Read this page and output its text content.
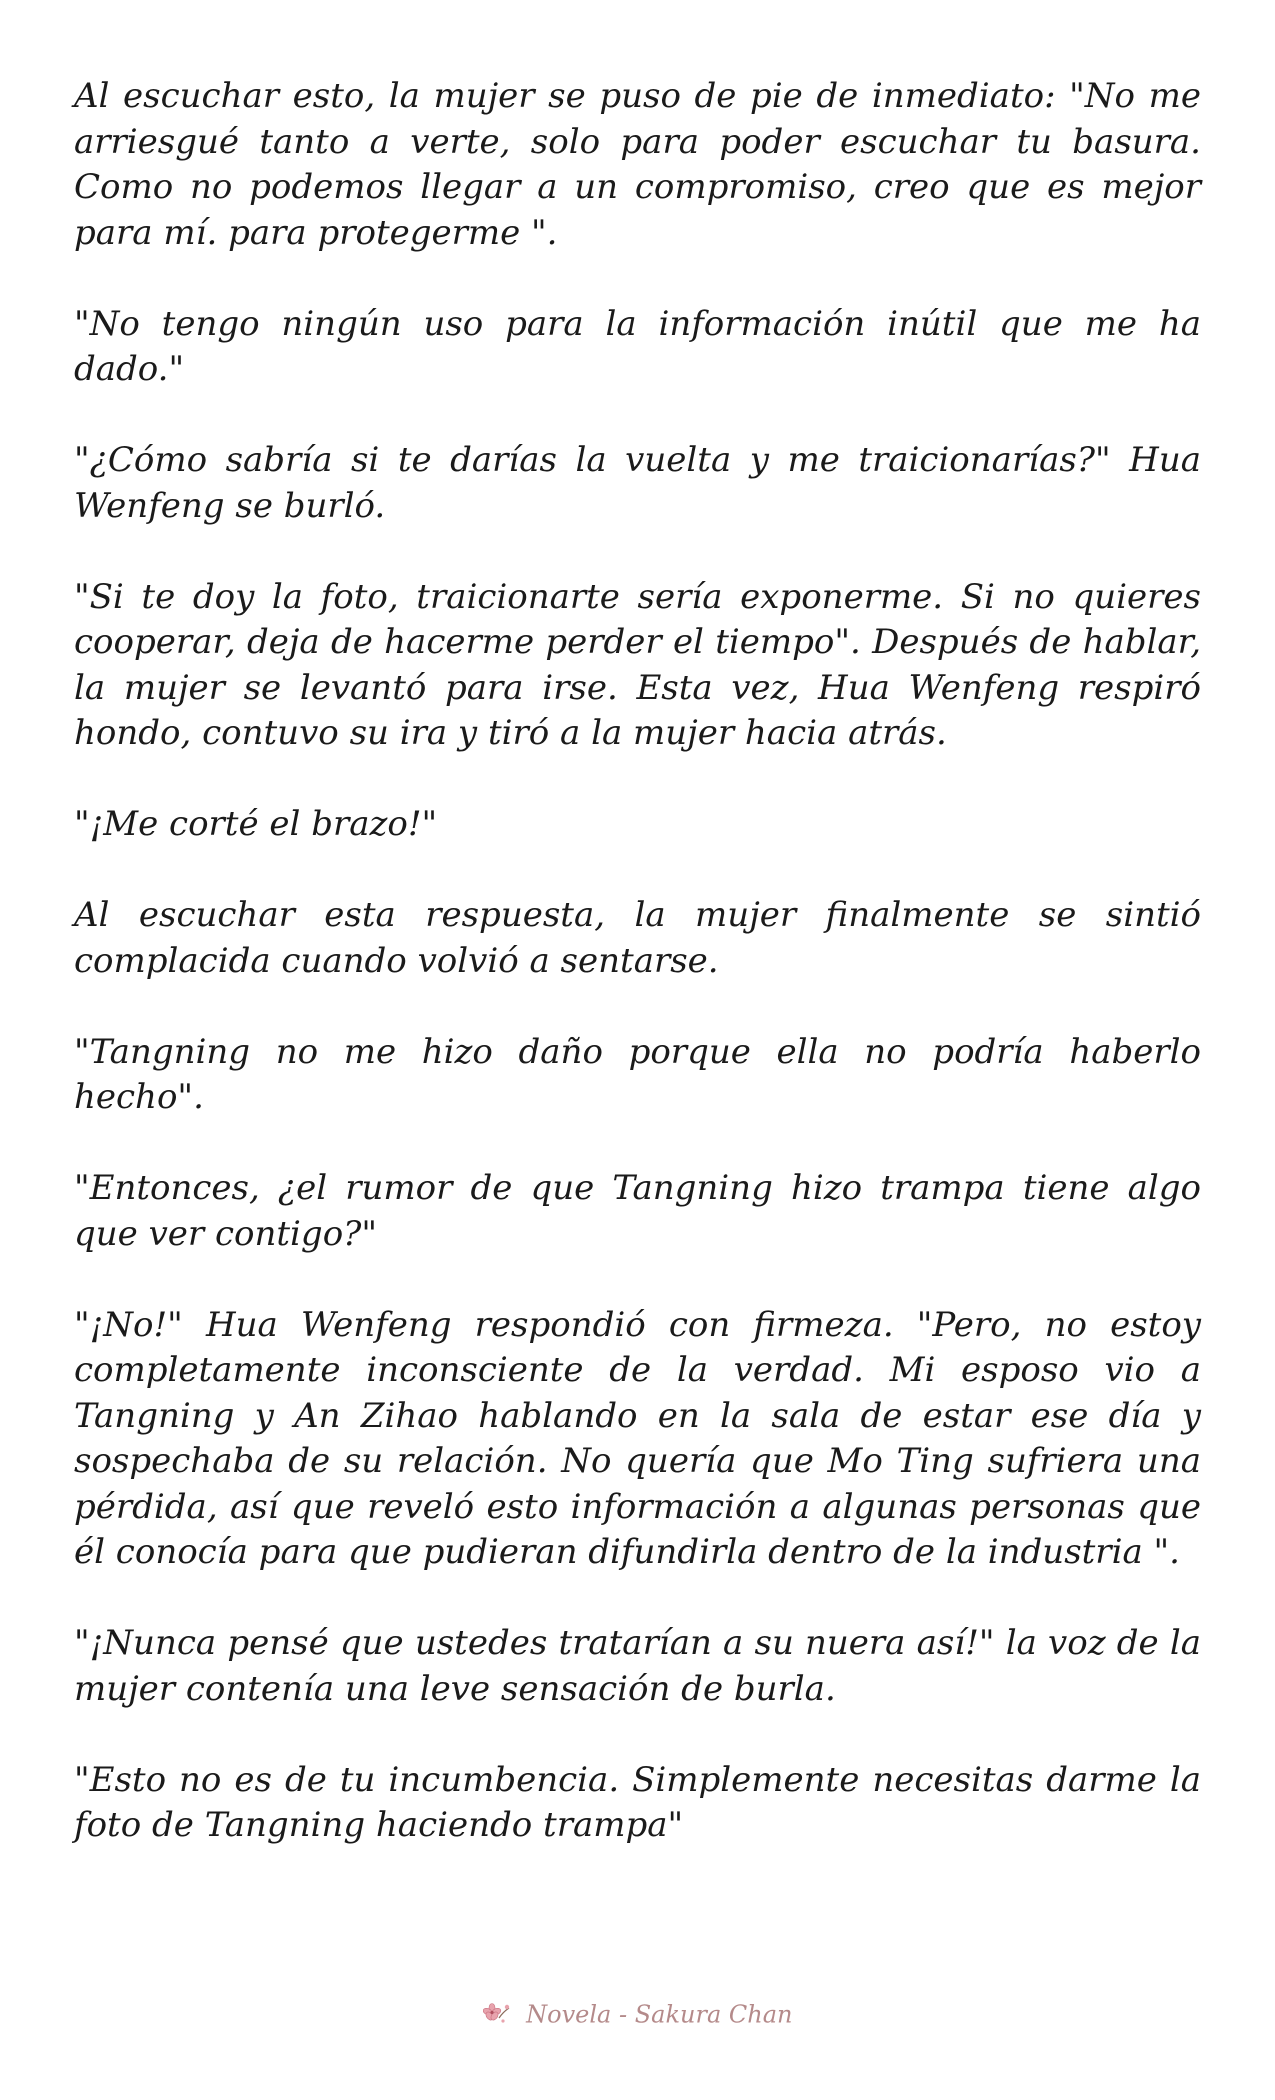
Al escuchar esto, la mujer se puso de pie de inmediato: "No me arriesgué tanto a verte, solo para poder escuchar tu basura. Como no podemos llegar a un compromiso, creo que es mejor para mí. para protegerme ".

"No tengo ningún uso para la información inútil que me ha dado."

"¿Cómo sabría si te darías la vuelta y me traicionarías?" Hua Wenfeng se burló.

"Si te doy la foto, traicionarte sería exponerme. Si no quieres cooperar, deja de hacerme perder el tiempo". Después de hablar, la mujer se levantó para irse. Esta vez, Hua Wenfeng respiró hondo, contuvo su ira y tiró a la mujer hacia atrás.

"¡Me corté el brazo!"

Al escuchar esta respuesta, la mujer finalmente se sintió complacida cuando volvió a sentarse.

"Tangning no me hizo daño porque ella no podría haberlo hecho".

"Entonces, ¿el rumor de que Tangning hizo trampa tiene algo que ver contigo?"

"¡No!" Hua Wenfeng respondió con firmeza. "Pero, no estoy completamente inconsciente de la verdad. Mi esposo vio a Tangning y An Zihao hablando en la sala de estar ese día y sospechaba de su relación. No quería que Mo Ting sufriera una pérdida, así que reveló esto información a algunas personas que él conocía para que pudieran difundirla dentro de la industria ".

"¡Nunca pensé que ustedes tratarían a su nuera así!" la voz de la mujer contenía una leve sensación de burla.

"Esto no es de tu incumbencia. Simplemente necesitas darme la foto de Tangning haciendo trampa"

Novela - Sakura Chan
